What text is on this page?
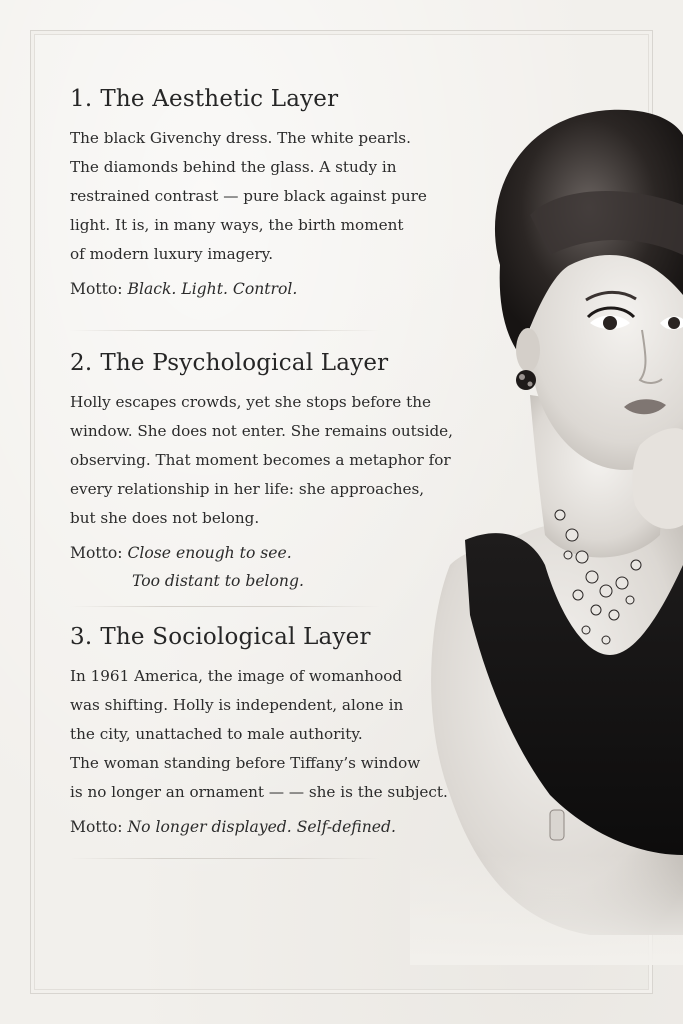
1. The Aesthetic Layer
The black Givenchy dress. The white pearls.
The diamonds behind the glass. A study in
restrained contrast — pure black against pure
light. It is, in many ways, the birth moment
of modern luxury imagery.
Motto: Black. Light. Control.
2. The Psychological Layer
Holly escapes crowds, yet she stops before the
window. She does not enter. She remains outside,
observing. That moment becomes a metaphor for
every relationship in her life: she approaches,
but she does not belong.
Motto: Close enough to see.
Too distant to belong.
3. The Sociological Layer
In 1961 America, the image of womanhood
was shifting. Holly is independent, alone in
the city, unattached to male authority.
The woman standing before Tiffany’s window
is no longer an ornament — — she is the subject.
Motto: No longer displayed. Self-defined.
